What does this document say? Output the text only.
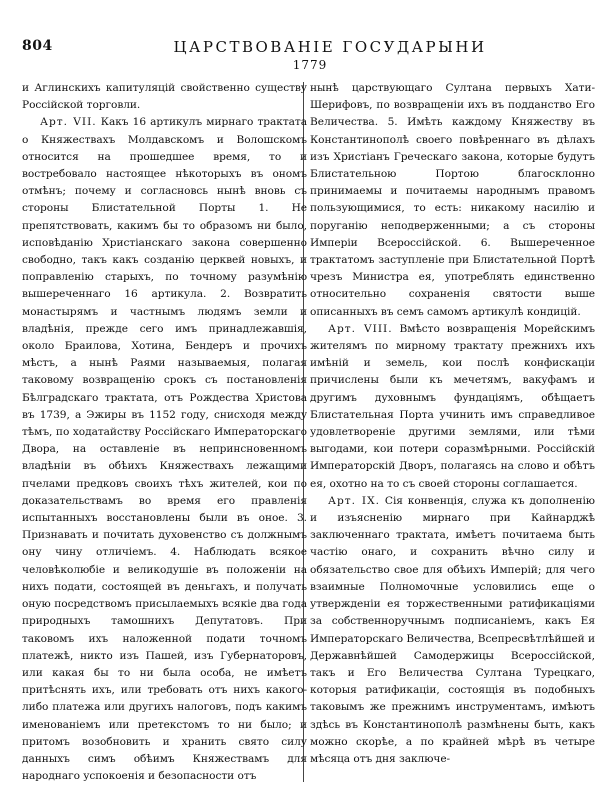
804	ЦАРСТВОВАНІЕ ГОСУДАРЫНИ
1779

и Аглинскихъ капитуляцій свойственно существу Россійской торговли.

Арт. VII. Какъ 16 артикулъ мирнаго трактата о Княжествахъ Молдавскомъ и Волошскомъ относится на прошедшее время, то и востребовало настоящее нѣкоторыхъ въ ономъ отмѣнъ; почему и согласновсь нынѣ вновь съ стороны Блистательной Порты 1. Не препятствовать, какимъ бы то образомъ ни было, исповѣданію Христіанскаго закона совершенно свободно, такъ какъ созданію церквей новыхъ, и поправленію старыхъ, по точному разумѣнію вышереченнаго 16 артикула. 2. Возвратить монастырямъ и частнымъ людямъ земли и владѣнія, прежде сего имъ принадлежавшія, около Браилова, Хотина, Бендеръ и прочихъ мѣстъ, а нынѣ Раями называемыя, полагая таковому возвращенію срокъ съ постановленія Бѣлградскаго трактата, отъ Рождества Христова въ 1739, а Эжиры въ 1152 году, снисходя между тѣмъ, по ходатайству Россійскаго Императорскаго Двора, на оставленіе въ непринсновенномъ владѣніи въ обѣихъ Княжествахъ лежащими пчелами предковъ своихъ тѣхъ жителей, кои по доказательствамъ во время его правленія испытанныхъ восстановлены были въ оное. 3. Признавать и почитать духовенство съ должнымъ ону чину отличіемъ. 4. Наблюдать всякое человѣколюбіе и великодушіе въ положеніи на нихъ подати, состоящей въ деньгахъ, и получать оную посредствомъ присылаемыхъ всякіе два года природныхъ тамошнихъ Депутатовъ. При таковомъ ихъ наложенной подати точномъ платежѣ, никто изъ Пашей, изъ Губернаторовъ, или какая бы то ни была особа, не имѣетъ притѣснять ихъ, или требовать отъ нихъ какого-либо платежа или другихъ налоговъ, подъ какимъ именованіемъ или претекстомъ то ни было; и притомъ возобновить и хранить свято силу данныхъ симъ обѣимъ Княжествамъ для народнаго успокоенія и безопасности отъ

нынѣ царствующаго Султана первыхъ Хати-Шерифовъ, по возвращеніи ихъ въ подданство Его Величества. 5. Имѣть каждому Княжеству въ Константинополѣ своего повѣреннаго въ дѣлахъ изъ Христіанъ Греческаго закона, которые будутъ Блистательною Портою благосклонно принимаемы и почитаемы народнымъ правомъ пользующимися, то есть: никакому насилію и поруганію неподверженными; а съ стороны Имперіи Всероссійской. 6. Вышереченное трактатомъ заступленіе при Блистательной Портѣ чрезъ Министра ея, употреблять единственно относительно сохраненія святости выше описанныхъ въ семъ самомъ артикулѣ кондицій.

Арт. VIII. Вмѣсто возвращенія Морейскимъ жителямъ по мирному трактату прежнихъ ихъ имѣній и земель, кои послѣ конфискаціи причислены были къ мечетямъ, вакуфамъ и другимъ духовнымъ фундаціямъ, обѣщаетъ Блистательная Порта учинить имъ справедливое удовлетвореніе другими землями, или тѣми выгодами, кои потери соразмѣрными. Россійскій Императорскій Дворъ, полагаясь на слово и обѣтъ ея, охотно на то съ своей стороны соглашается.

Арт. IX. Сія конвенція, служа къ дополненію и изъясненію мирнаго при Кайнарджѣ заключеннаго трактата, имѣетъ почитаема быть частію онаго, и сохранить вѣчно силу и обязательство свое для обѣихъ Имперій; для чего взаимные Полномочные условились еще о утвержденіи ея торжественными ратификаціями за собственноручнымъ подписаніемъ, какъ Ея Императорскаго Величества, Всепресвѣтлѣйшей и Державнѣйшей Самодержицы Всероссійской, такъ и Его Величества Султана Турецкаго, которыя ратификаціи, состоящія въ подобныхъ таковымъ же прежнимъ инструментамъ, имѣютъ здѣсь въ Константинополѣ размѣнены быть, какъ можно скорѣе, а по крайней мѣрѣ въ четыре мѣсяца отъ дня заключе-
